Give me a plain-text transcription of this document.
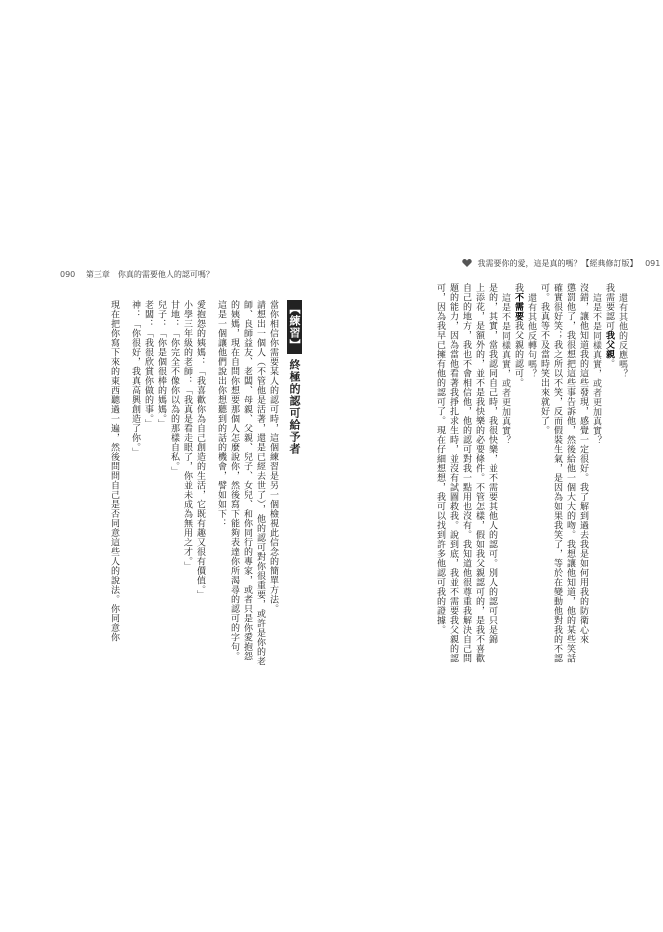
090 第三章　你真的需要他人的認可嗎？
我需要你的愛，這是真的嗎？【經典修訂版】 091
還有其他的反應嗎？
我需要認可我父親。
這是不是同樣真實，或者更加真實？
沒錯，讓他知道我的這些發現，感覺一定很好。我了解到過去我是如何用我的防衛心來
懲罰他了，我很想把這些事告訴他，然後給他一個大大的吻。我想讓他知道，他的某些笑話
確實很好笑；我之所以不笑，反而假裝生氣，是因為如果我笑了，等於在變動他對我的不認
可。我真等不及當時笑出來就好了。
還有其他反轉句嗎？
我不需要我父親的認可。
這是不是同樣真實，或者更加真實？
是的，其實，當我認同自己時，我很快樂，並不需要其他人的認可。別人的認可只是錦
上添花，是額外的，並不是我快樂的必要條件。不管怎樣，假如我父親認可的，是我不喜歡
自己的地方，我也不會相信他，他的認可對我一點用也沒有。我知道他很尊重我解決自己問
題的能力，因為當他看著我掙扎求生時，並沒有試圖救我。說到底，我並不需要我父親的認
可，因為我早已擁有他的認可了。現在仔細想想，我可以找到許多他認可我的證據。
【練習】 終極的認可給予者
當你相信你需要某人的認可時，這個練習是另一個檢視此信念的簡單方法。
請想出一個人（不管他是活著，還是已經去世了），他的認可對你很重要，或許是你的老師、良師益友、老闆、母親、父親、兒子、女兒、和你同行的專家，或者只是你愛抱怨的姨媽，現在自問你想要那個人怎麼說你，然後寫下能夠表達你所渴尋的認可的字句。這是一個讓他們說出你想聽到的話的機會，譬如如下：
愛抱怨的姨媽：「我喜歡你為自己創造的生活，它既有趣又很有價值。」
小學三年級的老師：「我真是看走眼了，你並未成為無用之才。」
甘地：「你完全不像你以為的那樣自私。」
兒子：「你是個很棒的媽媽。」
老闆：「我很欣賞你做的事。」
神：「你很好，我真高興創造了你。」
現在把你寫下來的東西聽過一遍，然後問問自己是否同意這些人的說法。你同意你
